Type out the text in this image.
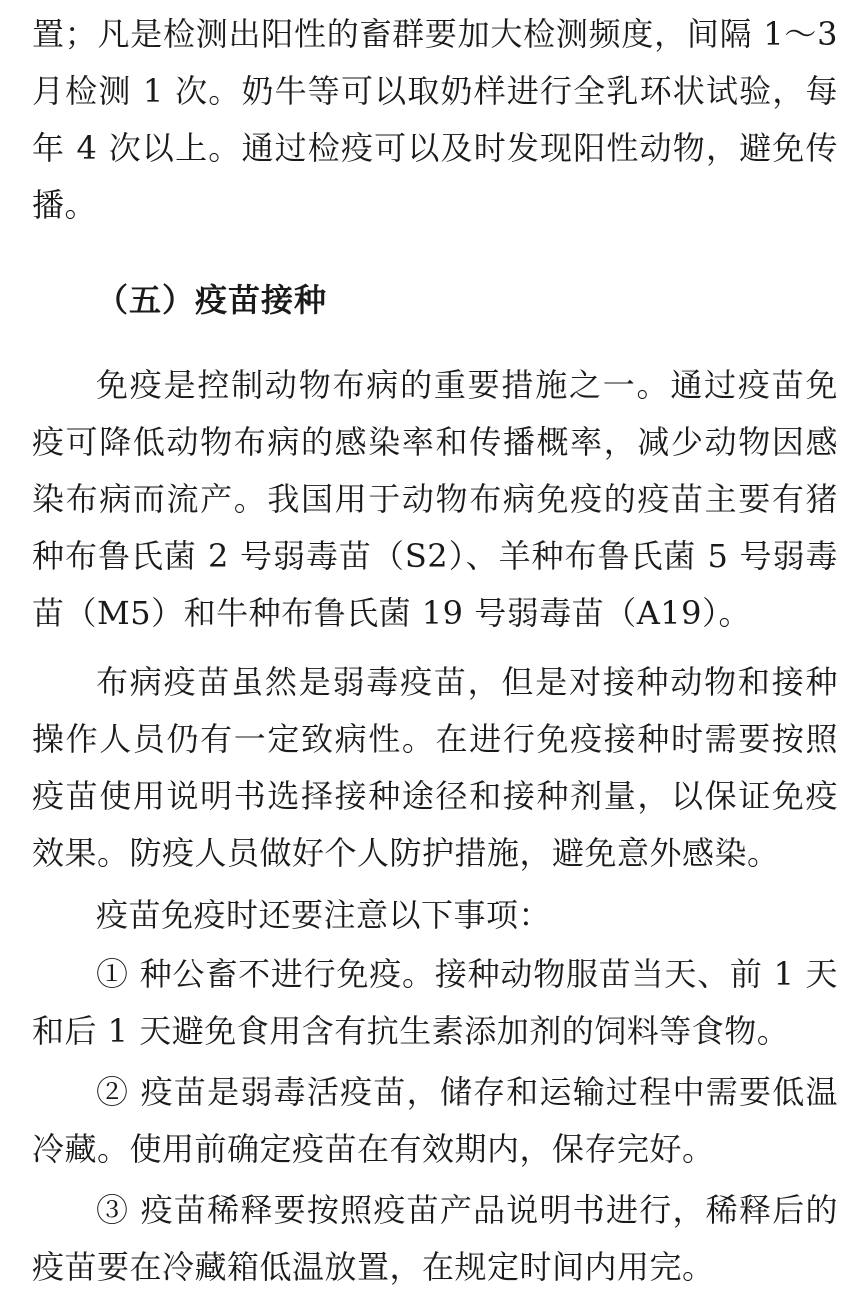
置；凡是检测出阳性的畜群要加大检测频度，间隔 1～3 月检测 1 次。奶牛等可以取奶样进行全乳环状试验，每年 4 次以上。通过检疫可以及时发现阳性动物，避免传播。

（五）疫苗接种

免疫是控制动物布病的重要措施之一。通过疫苗免疫可降低动物布病的感染率和传播概率，减少动物因感染布病而流产。我国用于动物布病免疫的疫苗主要有猪种布鲁氏菌 2 号弱毒苗（S2）、羊种布鲁氏菌 5 号弱毒苗（M5）和牛种布鲁氏菌 19 号弱毒苗（A19）。

布病疫苗虽然是弱毒疫苗，但是对接种动物和接种操作人员仍有一定致病性。在进行免疫接种时需要按照疫苗使用说明书选择接种途径和接种剂量，以保证免疫效果。防疫人员做好个人防护措施，避免意外感染。

疫苗免疫时还要注意以下事项：

① 种公畜不进行免疫。接种动物服苗当天、前 1 天和后 1 天避免食用含有抗生素添加剂的饲料等食物。

② 疫苗是弱毒活疫苗，储存和运输过程中需要低温冷藏。使用前确定疫苗在有效期内，保存完好。

③ 疫苗稀释要按照疫苗产品说明书进行，稀释后的疫苗要在冷藏箱低温放置，在规定时间内用完。
